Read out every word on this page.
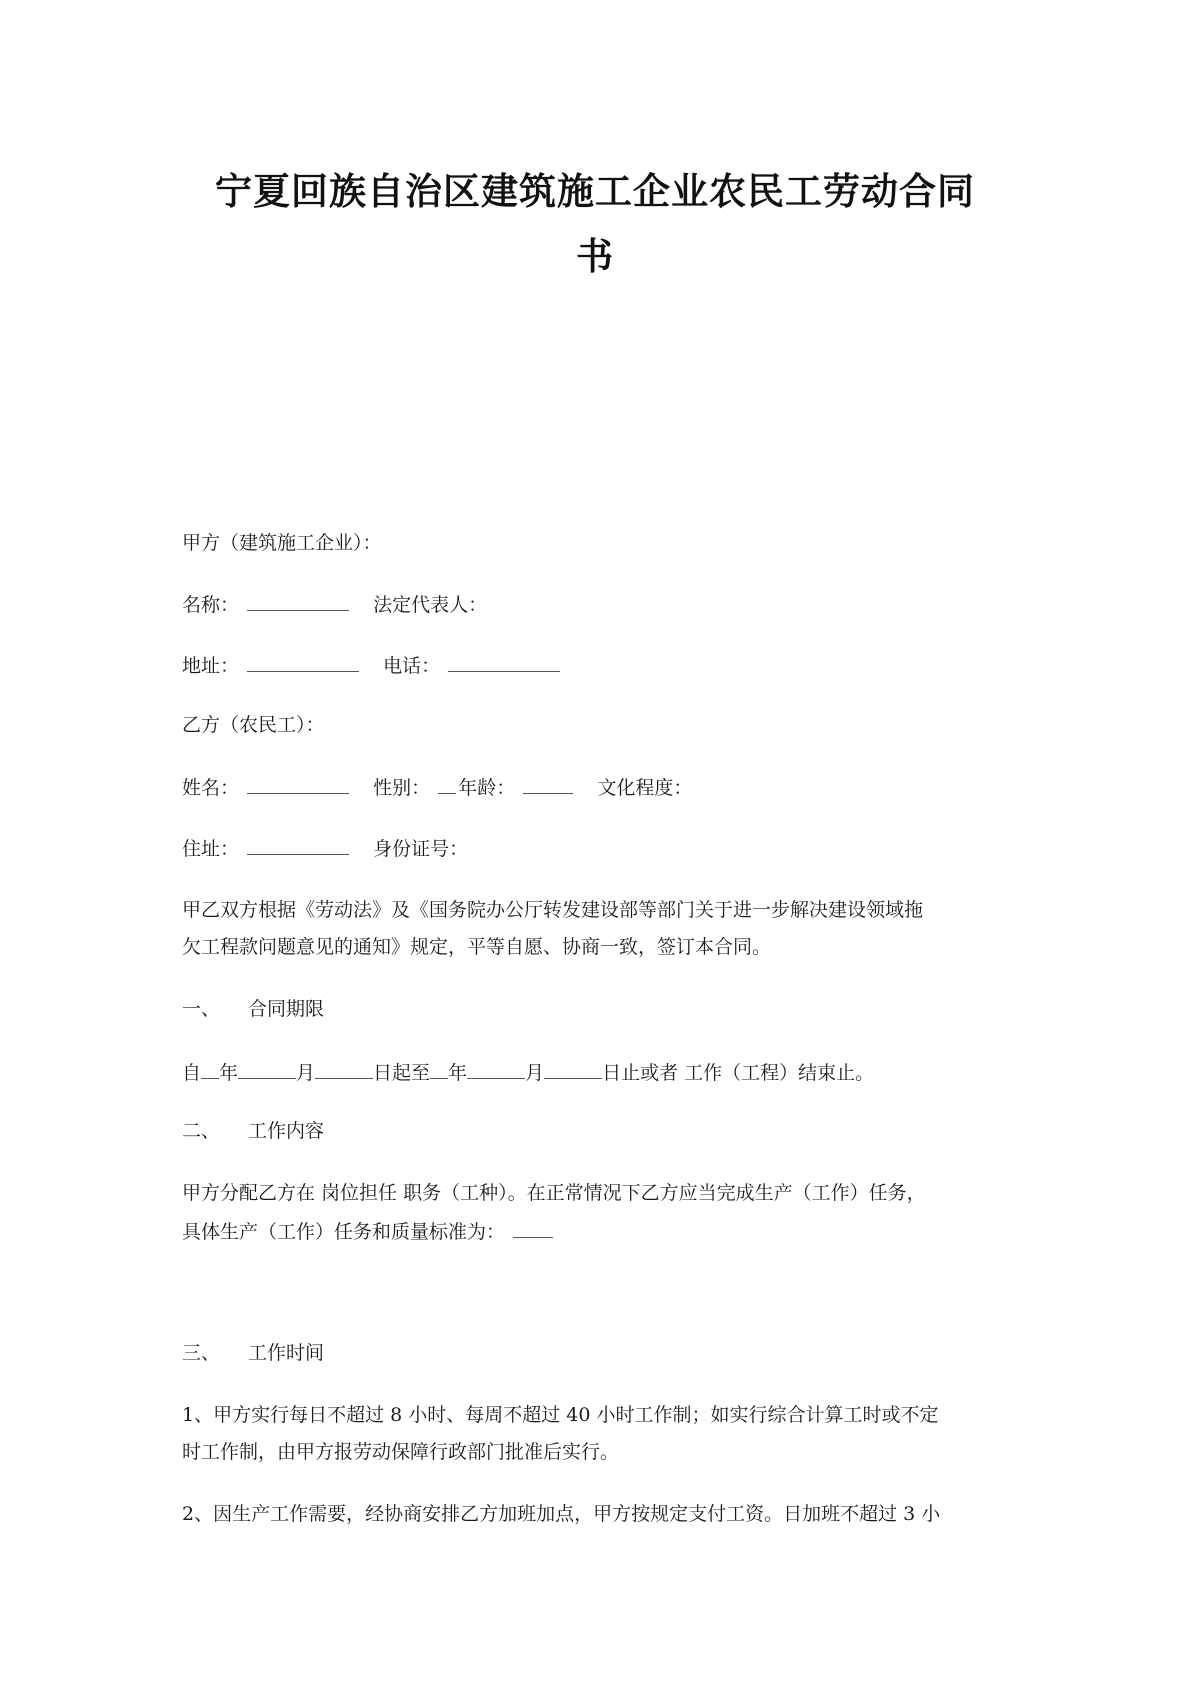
宁夏回族自治区建筑施工企业农民工劳动合同
书
甲方（建筑施工企业）：
名称：	法定代表人：
地址：	电话：
乙方（农民工）：
姓名：	性别： 年龄：	文化程度：
住址：	身份证号：
甲乙双方根据《劳动法》及《国务院办公厅转发建设部等部门关于进一步解决建设领域拖
欠工程款问题意见的通知》规定，平等自愿、协商一致，签订本合同。
一、 合同期限
自 年	月	日起至 年	月	日止或者 工作（工程）结束止。
二、 工作内容
甲方分配乙方在 岗位担任 职务（工种）。在正常情况下乙方应当完成生产（工作）任务，
具体生产（工作）任务和质量标准为：
三、 工作时间
1、甲方实行每日不超过 8 小时、每周不超过 40 小时工作制；如实行综合计算工时或不定
时工作制，由甲方报劳动保障行政部门批准后实行。
2、因生产工作需要，经协商安排乙方加班加点，甲方按规定支付工资。日加班不超过 3 小
